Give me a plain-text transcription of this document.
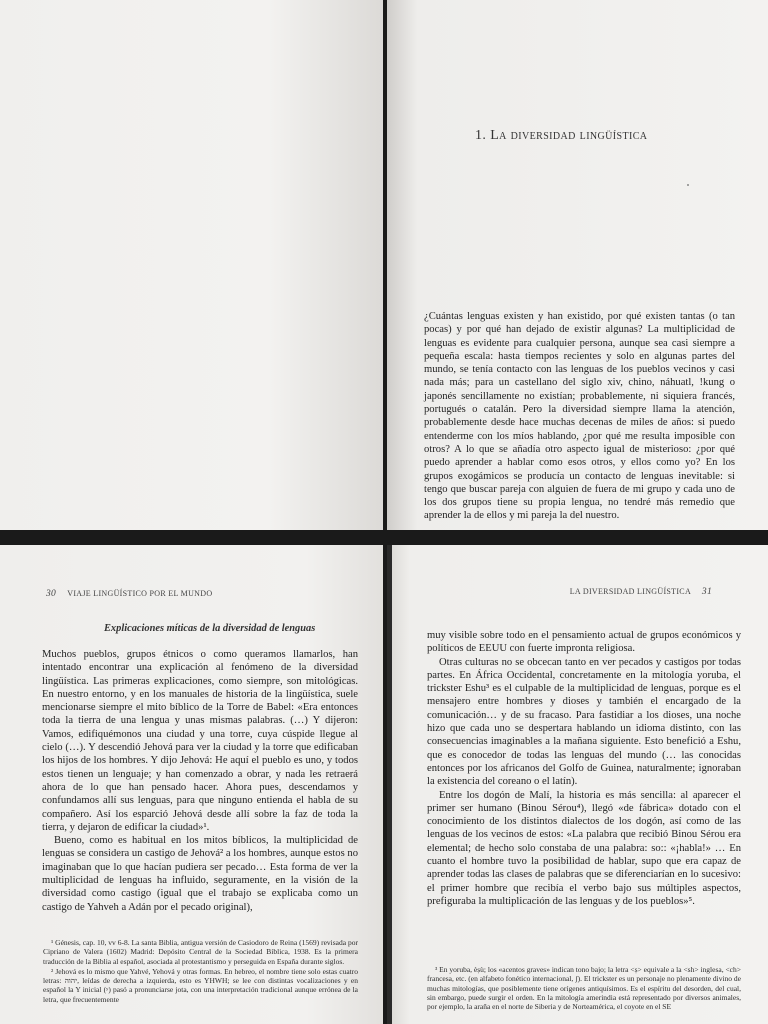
1. La diversidad lingüística
¿Cuántas lenguas existen y han existido, por qué existen tantas (o tan pocas) y por qué han dejado de existir algunas? La multiplicidad de lenguas es evidente para cualquier persona, aunque sea casi siempre a pequeña escala: hasta tiempos recientes y solo en algunas partes del mundo, se tenía contacto con las lenguas de los pueblos vecinos y casi nada más; para un castellano del siglo xiv, chino, náhuatl, !kung o japonés sencillamente no existían; probablemente, ni siquiera francés, portugués o catalán. Pero la diversidad siempre llama la atención, probablemente desde hace muchas decenas de miles de años: si puedo entenderme con los míos hablando, ¿por qué me resulta imposible con otros? A lo que se añadía otro aspecto igual de misterioso: ¿por qué puedo aprender a hablar como esos otros, y ellos como yo? En los grupos exogámicos se producía un contacto de lenguas inevitable: si tengo que buscar pareja con alguien de fuera de mi grupo y cada uno de los dos grupos tiene su propia lengua, no tendré más remedio que aprender la de ellos y mi pareja la del nuestro.
30 VIAJE LINGÜÍSTICO POR EL MUNDO
Explicaciones míticas de la diversidad de lenguas

Muchos pueblos, grupos étnicos o como queramos llamarlos, han intentado encontrar una explicación al fenómeno de la diversidad lingüística. Las primeras explicaciones, como siempre, son mitológicas. En nuestro entorno, y en los manuales de historia de la lingüística, suele mencionarse siempre el mito bíblico de la Torre de Babel: «Era entonces toda la tierra de una lengua y unas mismas palabras. (…) Y dijeron: Vamos, edifiquémonos una ciudad y una torre, cuya cúspide llegue al cielo (…). Y descendió Jehová para ver la ciudad y la torre que edificaban los hijos de los hombres. Y dijo Jehová: He aquí el pueblo es uno, y todos estos tienen un lenguaje; y han comenzado a obrar, y nada les retraerá ahora de lo que han pensado hacer. Ahora pues, descendamos y confundamos allí sus lenguas, para que ninguno entienda el habla de su compañero. Así los esparció Jehová desde allí sobre la faz de toda la tierra, y dejaron de edificar la ciudad»¹.

Bueno, como es habitual en los mitos bíblicos, la multiplicidad de lenguas se considera un castigo de Jehová² a los hombres, aunque estos no imaginaban que lo que hacían pudiera ser pecado… Esta forma de ver la multiplicidad de lenguas ha influido, seguramente, en la visión de la diversidad como castigo (igual que el trabajo se explicaba como un castigo de Yahveh a Adán por el pecado original),

¹ Génesis, cap. 10, vv 6-8. La santa Biblia, antigua versión de Casiodoro de Reina (1569) revisada por Cipriano de Valera (1602) Madrid: Depósito Central de la Sociedad Bíblica, 1938. Es la primera traducción de la Biblia al español, asociada al protestantismo y perseguida en España durante siglos.

² Jehová es lo mismo que Yahvé, Yehová y otras formas. En hebreo, el nombre tiene solo estas cuatro letras: יהוה, leídas de derecha a izquierda, esto es YHWH; se lee con distintas vocalizaciones y en español la Y inicial (ʸ) pasó a pronunciarse jota, con una interpretación tradicional aunque errónea de la letra, que frecuentemente

LA DIVERSIDAD LINGÜÍSTICA 31

muy visible sobre todo en el pensamiento actual de grupos económicos y políticos de EEUU con fuerte impronta religiosa.

Otras culturas no se obcecan tanto en ver pecados y castigos por todas partes. En África Occidental, concretamente en la mitología yoruba, el trickster Eshu³ es el culpable de la multiplicidad de lenguas, porque es el mensajero entre hombres y dioses y también el encargado de la comunicación… y de su fracaso. Para fastidiar a los dioses, una noche hizo que cada uno se despertara hablando un idioma distinto, con las consecuencias imaginables a la mañana siguiente. Esto benefició a Eshu, que es conocedor de todas las lenguas del mundo (… las conocidas entonces por los africanos del Golfo de Guinea, naturalmente; ignoraban la existencia del coreano o el latín).

Entre los dogón de Malí, la historia es más sencilla: al aparecer el primer ser humano (Binou Sérou⁴), llegó «de fábrica» dotado con el conocimiento de los distintos dialectos de los dogón, así como de las lenguas de los vecinos de estos: «La palabra que recibió Binou Sérou era elemental; de hecho solo constaba de una palabra: so:: «¡habla!» … En cuanto el hombre tuvo la posibilidad de hablar, supo que era capaz de aprender todas las clases de palabras que se diferenciarían en lo sucesivo: el primer hombre que recibía el verbo bajo sus múltiples aspectos, prefiguraba la multiplicación de las lenguas y de los pueblos»⁵.

³ En yoruba, èṣù; los «acentos graves» indican tono bajo; la letra <ṣ> equivale a la <sh> inglesa, <ch> francesa, etc. (en alfabeto fonético internacional, ʃ). El trickster es un personaje no plenamente divino de muchas mitologías, que posiblemente tiene orígenes antiquísimos. Es el espíritu del desorden, del cual, sin embargo, puede surgir el orden. En la mitología amerindia está representado por diversos animales, por ejemplo, la araña en el norte de Siberia y de Norteamérica, el coyote en el SE
